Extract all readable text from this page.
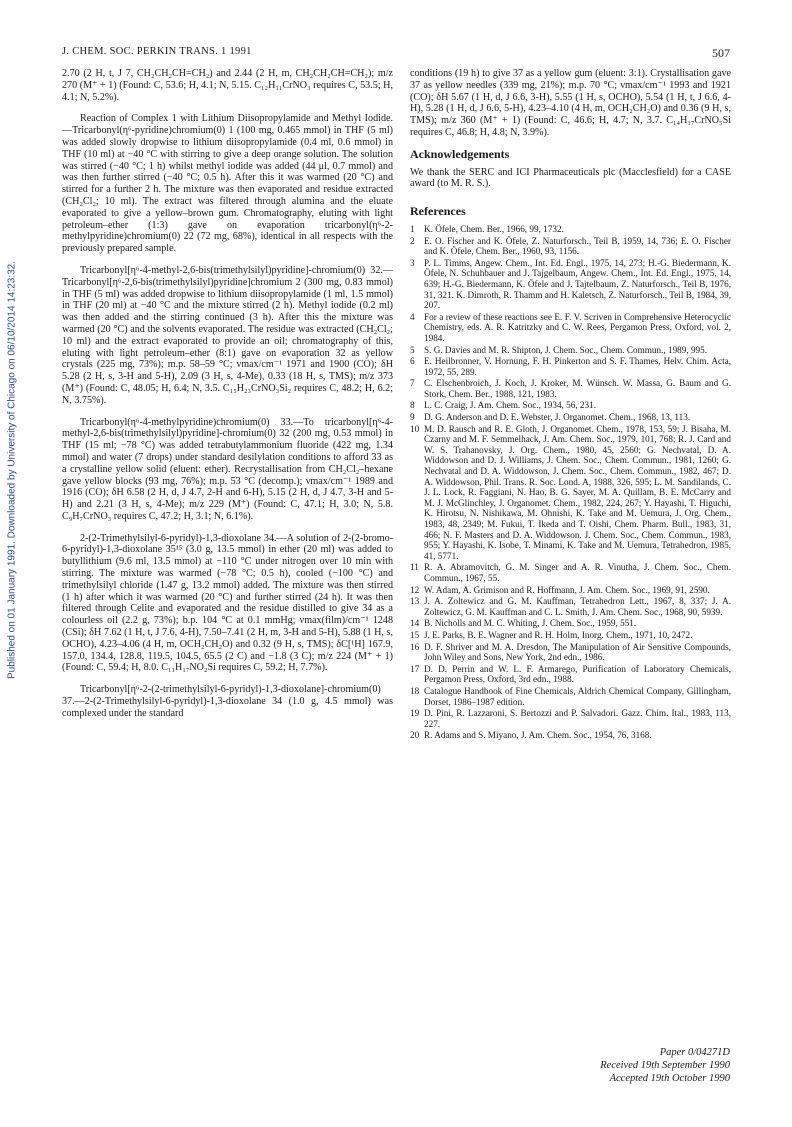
J. CHEM. SOC. PERKIN TRANS. 1 1991	507
Published on 01 January 1991. Downloaded by University of Chicago on 06/10/2014 14:23:32.

2.70 (2 H, t, J 7, CH₂CH₂CH=CH₂) and 2.44 (2 H, m, CH₂CH₂CH=CH₂); m/z 270 (M⁺ + 1) (Found: C, 53.6; H, 4.1; N, 5.15. C₁₂H₁₁CrNO₃ requires C, 53.5; H, 4.1; N, 5.2%).

Reaction of Complex 1 with Lithium Diisopropylamide and Methyl Iodide.—Tricarbonyl(η⁶-pyridine)chromium(0) 1 (100 mg, 0.465 mmol) in THF (5 ml) was added slowly dropwise to lithium diisopropylamide (0.4 ml, 0.6 mmol) in THF (10 ml) at −40 °C with stirring to give a deep orange solution. The solution was stirred (−40 °C; 1 h) whilst methyl iodide was added (44 μl, 0.7 mmol) and was then further stirred (−40 °C; 0.5 h). After this it was warmed (20 °C) and stirred for a further 2 h. The mixture was then evaporated and residue extracted (CH₂Cl₂; 10 ml). The extract was filtered through alumina and the eluate evaporated to give a yellow–brown gum. Chromatography, eluting with light petroleum–ether (1:3) gave on evaporation tricarbonyl(η⁶-2-methylpyridine)chromium(0) 22 (72 mg, 68%), identical in all respects with the previously prepared sample.

Tricarbonyl[η⁶-4-methyl-2,6-bis(trimethylsilyl)pyridine]-chromium(0) 32.—Tricarbonyl[η⁶-2,6-bis(trimethylsilyl)pyridine]chromium 2 (300 mg, 0.83 mmol) in THF (5 ml) was added dropwise to lithium diisopropylamide (1 ml, 1.5 mmol) in THF (20 ml) at −40 °C and the mixture stirred (2 h). Methyl iodide (0.2 ml) was then added and the stirring continued (3 h). After this the mixture was warmed (20 °C) and the solvents evaporated. The residue was extracted (CH₂Cl₂; 10 ml) and the extract evaporated to provide an oil; chromatography of this, eluting with light petroleum–ether (8:1) gave on evaporation 32 as yellow crystals (225 mg, 73%); m.p. 58–59 °C; νmax/cm⁻¹ 1971 and 1900 (CO); δH 5.28 (2 H, s, 3-H and 5-H), 2.09 (3 H, s, 4-Me), 0.33 (18 H, s, TMS); m/z 373 (M⁺) (Found: C, 48.05; H, 6.4; N, 3.5. C₁₅H₂₃CrNO₃Si₂ requires C, 48.2; H, 6.2; N, 3.75%).

Tricarbonyl(η⁶-4-methylpyridine)chromium(0) 33.—To tricarbonyl[η⁶-4-methyl-2,6-bis(trimethylsilyl)pyridine]-chromium(0) 32 (200 mg, 0.53 mmol) in THF (15 ml; −78 °C) was added tetrabutylammonium fluoride (422 mg, 1.34 mmol) and water (7 drops) under standard desilylation conditions to afford 33 as a crystalline yellow solid (eluent: ether). Recrystallisation from CH₂Cl₂–hexane gave yellow blocks (93 mg, 76%); m.p. 53 °C (decomp.); νmax/cm⁻¹ 1989 and 1916 (CO); δH 6.58 (2 H, d, J 4.7, 2-H and 6-H), 5.15 (2 H, d, J 4.7, 3-H and 5-H) and 2.21 (3 H, s, 4-Me); m/z 229 (M⁺) (Found: C, 47.1; H, 3.0; N, 5.8. C₉H₇CrNO₃ requires C, 47.2; H, 3.1; N, 6.1%).

2-(2-Trimethylsilyl-6-pyridyl)-1,3-dioxolane 34.—A solution of 2-(2-bromo-6-pyridyl)-1,3-dioxolane 35¹⁵ (3.0 g, 13.5 mmol) in ether (20 ml) was added to butyllithium (9.6 ml, 13.5 mmol) at −110 °C under nitrogen over 10 min with stirring. The mixture was warmed (−78 °C; 0.5 h), cooled (−100 °C) and trimethylsilyl chloride (1.47 g, 13.2 mmol) added. The mixture was then stirred (1 h) after which it was warmed (20 °C) and further stirred (24 h). It was then filtered through Celite and evaporated and the residue distilled to give 34 as a colourless oil (2.2 g, 73%); b.p. 104 °C at 0.1 mmHg; νmax(film)/cm⁻¹ 1248 (CSi); δH 7.62 (1 H, t, J 7.6, 4-H), 7.50–7.41 (2 H, m, 3-H and 5-H), 5.88 (1 H, s, OCHO), 4.23–4.06 (4 H, m, OCH₂CH₂O) and 0.32 (9 H, s, TMS); δC[¹H] 167.9, 157.0, 134.4, 128.8, 119.5, 104.5, 65.5 (2 C) and −1.8 (3 C); m/z 224 (M⁺ + 1) (Found: C, 59.4; H, 8.0. C₁₁H₁₇NO₂Si requires C, 59.2; H, 7.7%).

Tricarbonyl[η⁶-2-(2-trimethylsilyl-6-pyridyl)-1,3-dioxolane]-chromium(0) 37.—2-(2-Trimethylsilyl-6-pyridyl)-1,3-dioxolane 34 (1.0 g, 4.5 mmol) was complexed under the standard

conditions (19 h) to give 37 as a yellow gum (eluent: 3:1). Crystallisation gave 37 as yellow needles (339 mg, 21%); m.p. 70 °C; νmax/cm⁻¹ 1993 and 1921 (CO); δH 5.67 (1 H, d, J 6.6, 3-H), 5.55 (1 H, s, OCHO), 5.54 (1 H, t, J 6.6, 4-H), 5.28 (1 H, d, J 6.6, 5-H), 4.23–4.10 (4 H, m, OCH₂CH₂O) and 0.36 (9 H, s, TMS); m/z 360 (M⁺ + 1) (Found: C, 46.6; H, 4.7; N, 3.7. C₁₄H₁₇CrNO₅Si requires C, 46.8; H, 4.8; N, 3.9%).

Acknowledgements

We thank the SERC and ICI Pharmaceuticals plc (Macclesfield) for a CASE award (to M. R. S.).

References
1 K. Öfele, Chem. Ber., 1966, 99, 1732.
2 E. O. Fischer and K. Öfele, Z. Naturforsch., Teil B, 1959, 14, 736; E. O. Fischer and K. Öfele, Chem. Ber., 1960, 93, 1156.
3 P. L. Timms, Angew. Chem., Int. Ed. Engl., 1975, 14, 273; H.-G. Biedermann, K. Öfele, N. Schuhbauer and J. Tajgelbaum, Angew. Chem., Int. Ed. Engl., 1975, 14, 639; H.-G. Biedermann, K. Öfele and J. Tajtelbaum, Z. Naturforsch., Teil B, 1976, 31, 321. K. Dimroth, R. Thamm and H. Kaletsch, Z. Naturforsch., Teil B, 1984, 39, 207.
4 For a review of these reactions see E. F. V. Scriven in Comprehensive Heterocyclic Chemistry, eds. A. R. Katritzky and C. W. Rees, Pergamon Press, Oxford, vol. 2, 1984.
5 S. G. Davies and M. R. Shipton, J. Chem. Soc., Chem. Commun., 1989, 995.
6 E. Heilbronner, V. Hornung, F. H. Pinkerton and S. F. Thames, Helv. Chim. Acta, 1972, 55, 289.
7 C. Elschenbroich, J. Koch, J. Kroker, M. Wünsch. W. Massa, G. Baum and G. Stork, Chem. Ber., 1988, 121, 1983.
8 L. C. Craig, J. Am. Chem. Soc., 1934, 56, 231.
9 D. G. Anderson and D. E. Webster, J. Organomet. Chem., 1968, 13, 113.
10 M. D. Rausch and R. E. Gloth, J. Organomet. Chem., 1978, 153, 59; J. Bisaha, M. Czarny and M. F. Semmelhack, J. Am. Chem. Soc., 1979, 101, 768; R. J. Card and W. S. Trahanovsky, J. Org. Chem., 1980, 45, 2560; G. Nechvatal, D. A. Widdowson and D. J. Williams, J. Chem. Soc., Chem. Commun., 1981, 1260; G. Nechvatal and D. A. Widdowson, J. Chem. Soc., Chem. Commun., 1982, 467; D. A. Widdowson, Phil. Trans. R. Soc. Lond. A, 1988, 326, 595; L. M. Sandilands, C. J. L. Lock, R. Faggiani, N. Hao, B. G. Sayer, M. A. Quillam, B. E. McCarry and M. J. McGlinchley, J. Organomet. Chem., 1982, 224, 267; Y. Hayashi, T. Higuchi, K. Hirotsu, N. Nishikawa, M. Ohnishi, K. Take and M. Uemura, J. Org. Chem., 1983, 48, 2349; M. Fukui, T. Ikeda and T. Oishi, Chem. Pharm. Bull., 1983, 31, 466; N. F. Masters and D. A. Widdowson. J. Chem. Soc., Chem. Commun., 1983, 955; Y. Hayashi, K. Isobe, T. Minami, K. Take and M. Uemura, Tetrahedron, 1985, 41, 5771.
11 R. A. Abramovitch, G. M. Singer and A. R. Vinutha, J. Chem. Soc., Chem. Commun., 1967, 55.
12 W. Adam, A. Grimison and R. Hoffmann, J. Am. Chem. Soc., 1969, 91, 2590.
13 J. A. Zoltewicz and G. M. Kauffman, Tetrahedron Lett., 1967, 8, 337; J. A. Zoltewicz, G. M. Kauffman and C. L. Smith, J. Am. Chem. Soc., 1968, 90, 5939.
14 B. Nicholls and M. C. Whiting, J. Chem. Soc., 1959, 551.
15 J. E. Parks, B. E. Wagner and R. H. Holm, Inorg. Chem., 1971, 10, 2472.
16 D. F. Shriver and M. A. Dresdon, The Manipulation of Air Sensitive Compounds, John Wiley and Sons, New York, 2nd edn., 1986.
17 D. D. Perrin and W. L. F. Armarego, Purification of Laboratory Chemicals, Pergamon Press, Oxford, 3rd edn., 1988.
18 Catalogue Handbook of Fine Chemicals, Aldrich Chemical Company, Gillingham, Dorset, 1986–1987 edition.
19 D. Pini, R. Lazzaroni, S. Bertozzi and P. Salvadori. Gazz. Chim. Ital., 1983, 113, 227.
20 R. Adams and S. Miyano, J. Am. Chem. Soc., 1954, 76, 3168.
Paper 0/04271D
Received 19th September 1990
Accepted 19th October 1990
